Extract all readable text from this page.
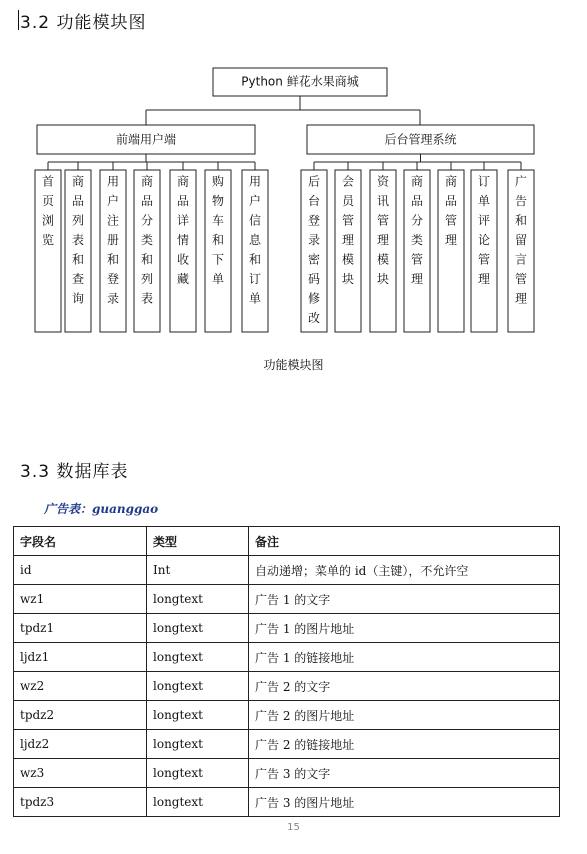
3.2 功能模块图
Python 鲜花水果商城
前端用户端
首
页
浏
览
商
品
列
表
和
查
询
用
户
注
册
和
登
录
商
品
分
类
和
列
表
商
品
详
情
收
藏
购
物
车
和
下
单
用
户
信
息
和
订
单
后台管理系统
后
台
登
录
密
码
修
改
会
员
管
理
模
块
资
讯
管
理
模
块
商
品
分
类
管
理
商
品
管
理
订
单
评
论
管
理
广
告
和
留
言
管
理
功能模块图
3.3 数据库表
广告表：guanggao
字段名	类型	备注
id	Int	自动递增；菜单的 id（主键），不允许空
wz1	longtext	广告 1 的文字
tpdz1	longtext	广告 1 的图片地址
ljdz1	longtext	广告 1 的链接地址
wz2	longtext	广告 2 的文字
tpdz2	longtext	广告 2 的图片地址
ljdz2	longtext	广告 2 的链接地址
wz3	longtext	广告 3 的文字
tpdz3	longtext	广告 3 的图片地址
15
